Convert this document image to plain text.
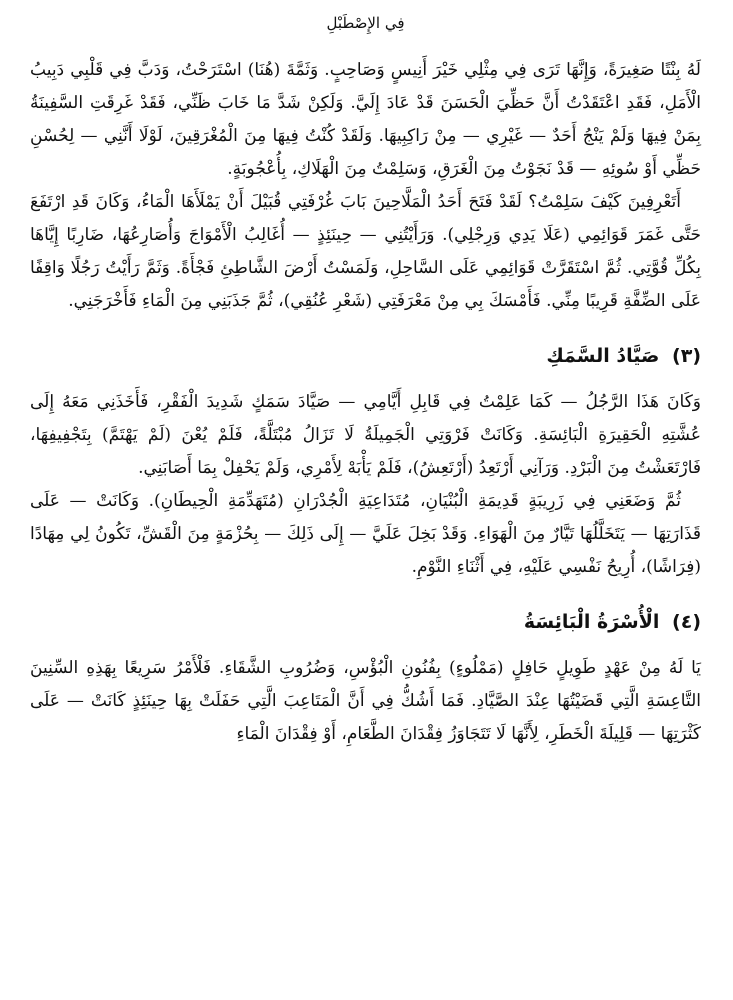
فِي الإِصْطَبْلِ

لَهُ بِنْتًا صَغِيرَةً، وَإِنَّهَا تَرَى فِي مِثْلِي خَيْرَ أَنِيسٍ وَصَاحِبٍ. وَثَمَّةَ (هُنَا) اسْتَرَحْتُ، وَدَبَّ فِي قَلْبِي دَبِيبُ الْأَمَلِ، فَقَدِ اعْتَقَدْتُ أَنَّ حَظِّيَ الْحَسَنَ قَدْ عَادَ إِلَيَّ. وَلَكِنْ شَدَّ مَا خَابَ ظَنِّي، فَقَدْ غَرِقَتِ السَّفِينَةُ بِمَنْ فِيهَا وَلَمْ يَنْجُ أَحَدٌ — غَيْرِي — مِنْ رَاكِبِيهَا. وَلَقَدْ كُنْتُ فِيهَا مِنَ الْمُغْرَقِينَ، لَوْلَا أَنَّنِي — لِحُسْنِ حَظِّي أَوْ سُوئِهِ — قَدْ نَجَوْتُ مِنَ الْغَرَقِ، وَسَلِمْتُ مِنَ الْهَلَاكِ، بِأُعْجُوبَةٍ.

أَتَعْرِفِينَ كَيْفَ سَلِمْتُ؟ لَقَدْ فَتَحَ أَحَدُ الْمَلَّاحِينَ بَابَ غُرْفَتِي قُبَيْلَ أَنْ يَمْلَأَهَا الْمَاءُ، وَكَانَ قَدِ ارْتَفَعَ حَتَّى غَمَرَ قَوَائِمِي (عَلَا يَدِي وَرِجْلِي). وَرَأَيْتُنِي — حِينَئِذٍ — أُغَالِبُ الْأَمْوَاجَ وَأُصَارِعُهَا، ضَارِبًا إِيَّاهَا بِكُلِّ قُوَّتِي. ثُمَّ اسْتَقَرَّتْ قَوَائِمِي عَلَى السَّاحِلِ، وَلَمَسْتُ أَرْضَ الشَّاطِئِ فَجْأَةً. وَثَمَّ رَأَيْتُ رَجُلًا وَاقِفًا عَلَى الضِّفَّةِ قَرِيبًا مِنِّي. فَأَمْسَكَ بِي مِنْ مَعْرَفَتِي (شَعْرِ عُنُقِي)، ثُمَّ جَذَبَنِي مِنَ الْمَاءِ فَأَخْرَجَنِي.

(٣) صَيَّادُ السَّمَكِ

وَكَانَ هَذَا الرَّجُلُ — كَمَا عَلِمْتُ فِي قَابِلِ أَيَّامِي — صَيَّادَ سَمَكٍ شَدِيدَ الْفَقْرِ، فَأَخَذَنِي مَعَهُ إِلَى عُشَّتِهِ الْحَقِيرَةِ الْبَائِسَةِ. وَكَانَتْ فَرْوَتِي الْجَمِيلَةُ لَا تَزَالُ مُبْتَلَّةً، فَلَمْ يُعْنَ (لَمْ يَهْتَمَّ) بِتَجْفِيفِهَا، فَارْتَعَشْتُ مِنَ الْبَرْدِ. وَرَآنِي أَرْتَعِدُ (أَرْتَعِشُ)، فَلَمْ يَأْبَهْ لِأَمْرِي، وَلَمْ يَحْفِلْ بِمَا أَصَابَنِي.

ثُمَّ وَضَعَنِي فِي زَرِيبَةٍ قَدِيمَةِ الْبُنْيَانِ، مُتَدَاعِيَةِ الْجُدْرَانِ (مُتَهَدِّمَةِ الْحِيطَانِ). وَكَانَتْ — عَلَى قَذَارَتِهَا — يَتَخَلَّلُهَا تَيَّارٌ مِنَ الْهَوَاءِ. وَقَدْ بَخِلَ عَلَيَّ — إِلَى ذَلِكَ — بِحُزْمَةٍ مِنَ الْقَشِّ، تَكُونُ لِي مِهَادًا (فِرَاشًا)، أُرِيحُ نَفْسِي عَلَيْهِ، فِي أَثْنَاءِ النَّوْمِ.

(٤) الْأُسْرَةُ الْبَائِسَةُ

يَا لَهُ مِنْ عَهْدٍ طَوِيلٍ حَافِلٍ (مَمْلُوءٍ) بِفُنُونِ الْبُؤْسِ، وَضُرُوبِ الشَّقَاءِ. فَلْأَمْرُ سَرِيعًا بِهَذِهِ السِّنِينَ التَّاعِسَةِ الَّتِي قَضَيْتُهَا عِنْدَ الصَّيَّادِ. فَمَا أَشُكُّ فِي أَنَّ الْمَتَاعِبَ الَّتِي حَفَلَتْ بِهَا حِينَئِذٍ كَانَتْ — عَلَى كَثْرَتِهَا — قَلِيلَةَ الْخَطَرِ، لِأَنَّهَا لَا تَتَجَاوَزُ فِقْدَانَ الطَّعَامِ، أَوْ فِقْدَانَ الْمَاءِ
